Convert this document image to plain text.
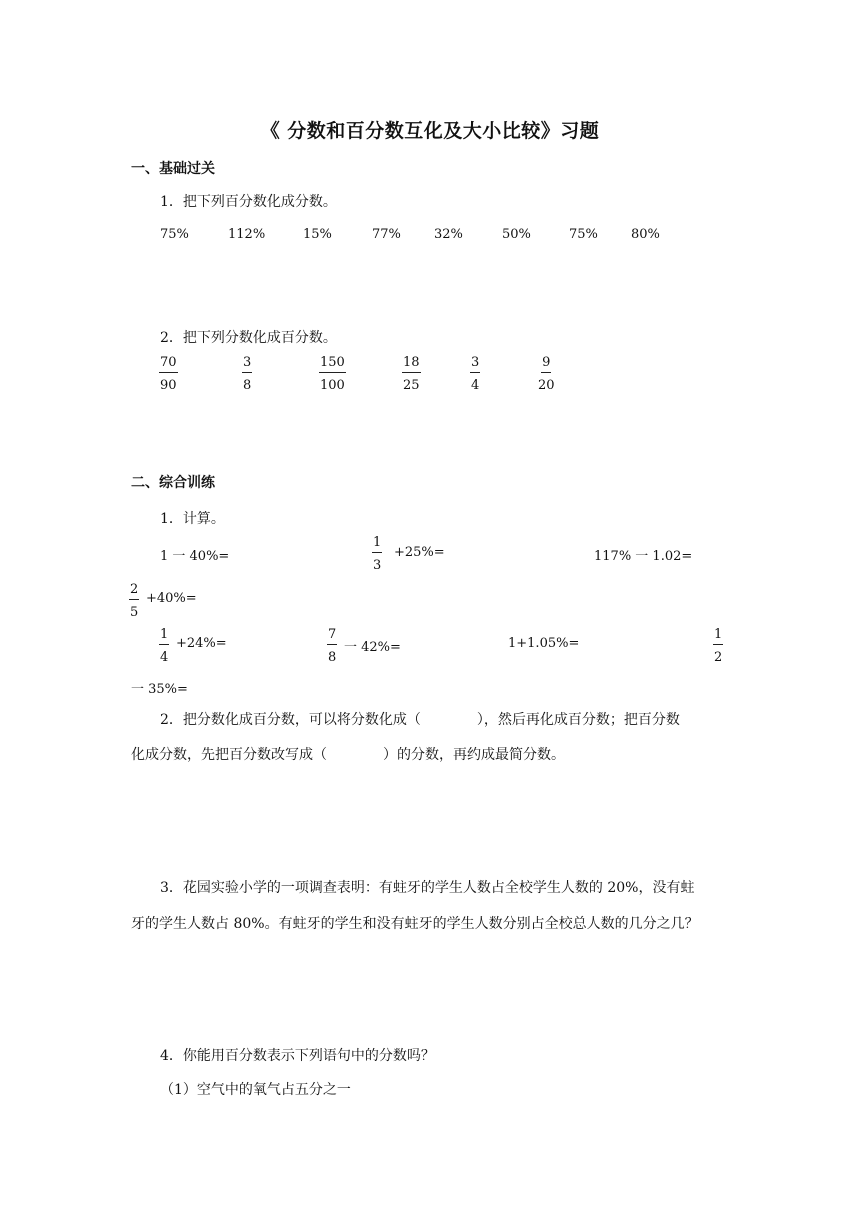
《 分数和百分数互化及大小比较》习题
一、基础过关
1．把下列百分数化成分数。
75%	112%	15%	77%	32%	50%	75%	80%
2．把下列分数化成百分数。
$\frac{70}{90}$	$\frac{3}{8}$	$\frac{150}{100}$	$\frac{18}{25}$	$\frac{3}{4}$	$\frac{9}{20}$
二、综合训练
1．计算。
1 一 40%=	$\frac{1}{3} +25\%=$	117% 一 1.02=
$\frac{2}{5} +40\%=$
$\frac{1}{4} +24\%=$	$\frac{7}{8}$ 一 42%=	1+1.05%=	$\frac{1}{2}$
一 35%=
2．把分数化成百分数，可以将分数化成（　　　　），然后再化成百分数；把百分数
化成分数，先把百分数改写成（　　　　）的分数，再约成最简分数。
3．花园实验小学的一项调查表明：有蛀牙的学生人数占全校学生人数的 20%，没有蛀
牙的学生人数占 80%。有蛀牙的学生和没有蛀牙的学生人数分别占全校总人数的几分之几？
4．你能用百分数表示下列语句中的分数吗？
（1）空气中的氧气占五分之一
